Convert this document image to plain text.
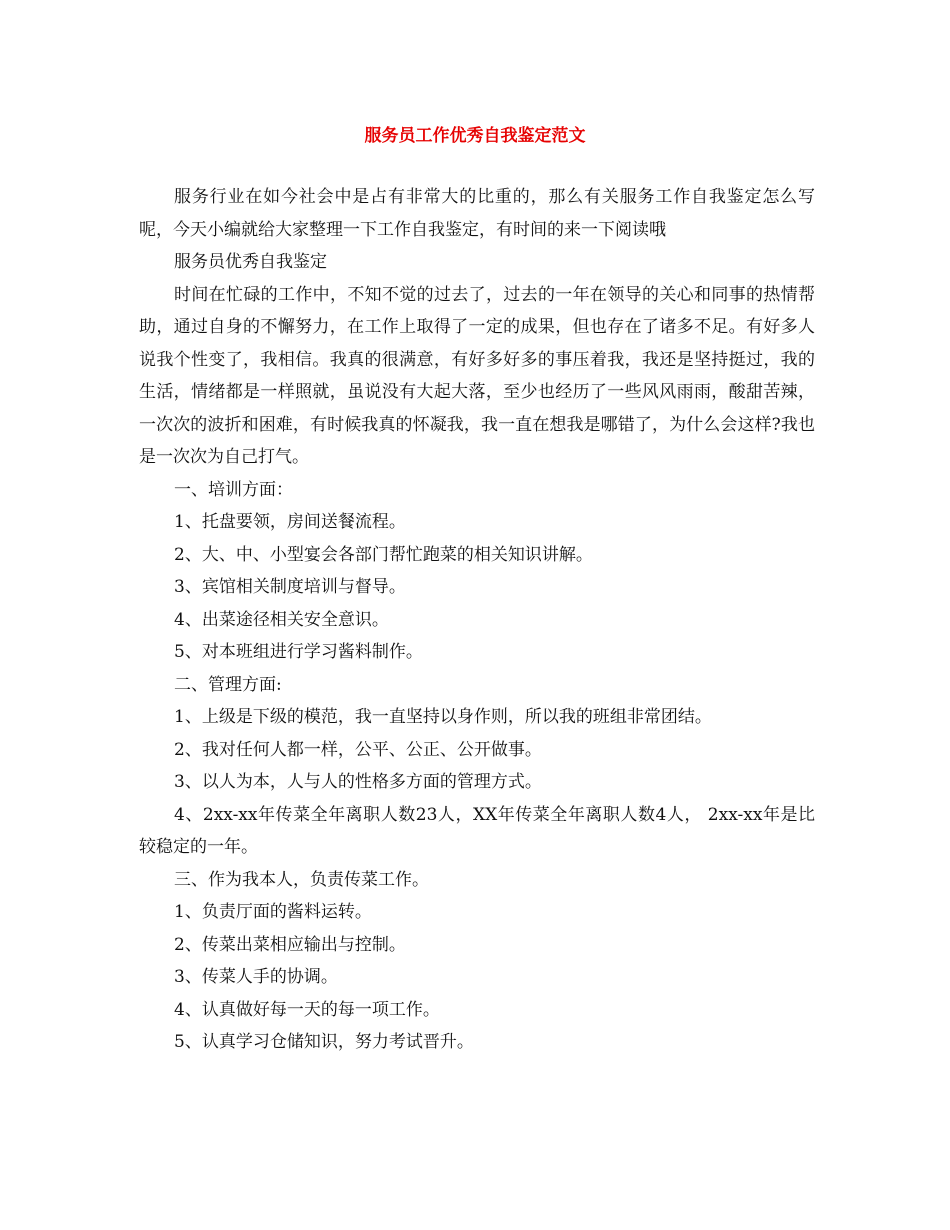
服务员工作优秀自我鉴定范文

服务行业在如今社会中是占有非常大的比重的，那么有关服务工作自我鉴定怎么写呢，今天小编就给大家整理一下工作自我鉴定，有时间的来一下阅读哦

服务员优秀自我鉴定

时间在忙碌的工作中，不知不觉的过去了，过去的一年在领导的关心和同事的热情帮助，通过自身的不懈努力，在工作上取得了一定的成果，但也存在了诸多不足。有好多人说我个性变了，我相信。我真的很满意，有好多好多的事压着我，我还是坚持挺过，我的生活，情绪都是一样照就，虽说没有大起大落，至少也经历了一些风风雨雨，酸甜苦辣，一次次的波折和困难，有时候我真的怀凝我，我一直在想我是哪错了，为什么会这样?我也是一次次为自己打气。

一、培训方面：

1、托盘要领，房间送餐流程。

2、大、中、小型宴会各部门帮忙跑菜的相关知识讲解。

3、宾馆相关制度培训与督导。

4、出菜途径相关安全意识。

5、对本班组进行学习酱料制作。

二、管理方面:

1、上级是下级的模范，我一直坚持以身作则，所以我的班组非常团结。

2、我对任何人都一样，公平、公正、公开做事。

3、以人为本，人与人的性格多方面的管理方式。

4、2xx-xx年传菜全年离职人数23人，XX年传菜全年离职人数4人， 2xx-xx年是比较稳定的一年。

三、作为我本人，负责传菜工作。

1、负责厅面的酱料运转。

2、传菜出菜相应输出与控制。

3、传菜人手的协调。

4、认真做好每一天的每一项工作。

5、认真学习仓储知识，努力考试晋升。
